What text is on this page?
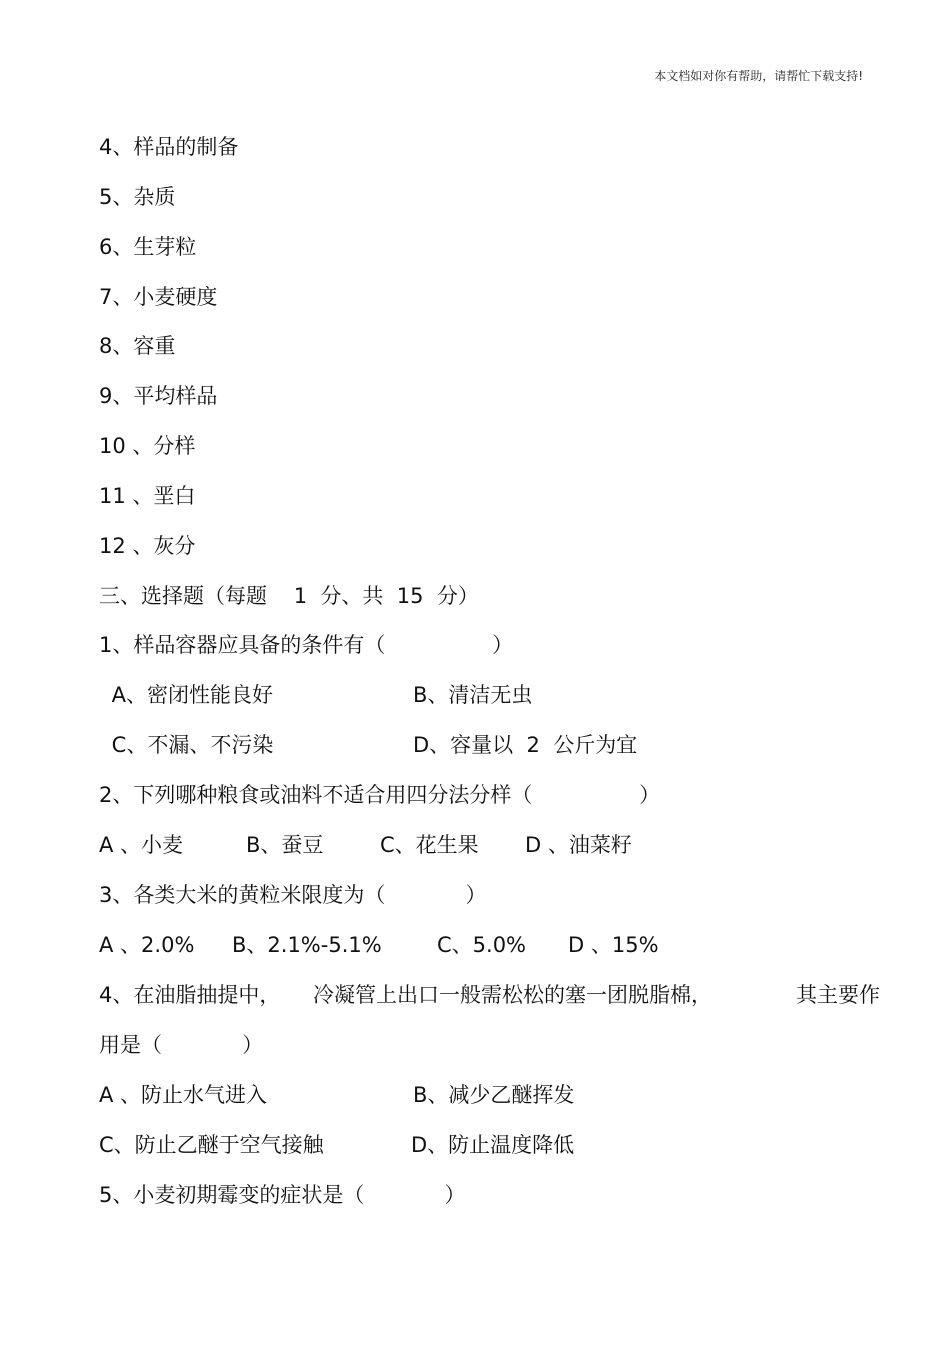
本文档如对你有帮助，请帮忙下载支持!
4、样品的制备
5、杂质
6、生芽粒
7、小麦硬度
8、容重
9、平均样品
10 、分样
11 、垩白
12 、灰分
三、选择题（每题    1  分、共  15  分）
1、样品容器应具备的条件有（                ）
A、密闭性能良好	B、清洁无虫
C、不漏、不污染	D、容量以  2  公斤为宜
2、下列哪种粮食或油料不适合用四分法分样（                ）
A 、小麦	B、蚕豆	C、花生果 D 、油菜籽
3、各类大米的黄粒米限度为（            ）
A 、2.0% B、2.1%-5.1%	C、5.0% D 、15%
4、在油脂抽提中， 冷凝管上出口一般需松松的塞一团脱脂棉，	其主要作
用是（            ）
A 、防止水气进入	B、减少乙醚挥发
C、防止乙醚于空气接触	D、防止温度降低
5、小麦初期霉变的症状是（            ）
